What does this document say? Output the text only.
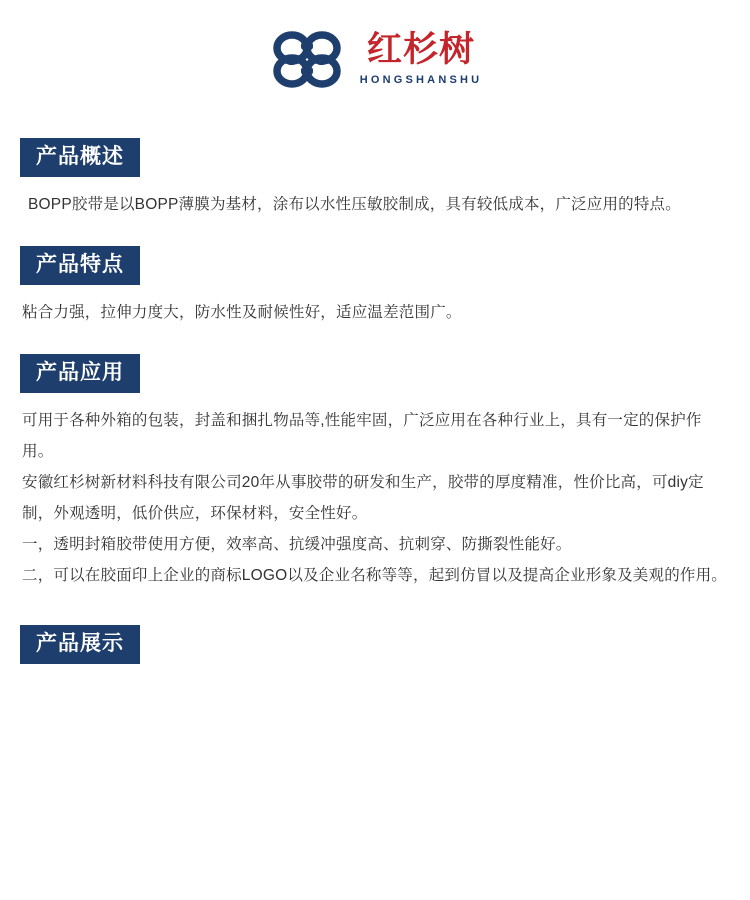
红杉树
HONGSHANSHU
产品概述

BOPP胶带是以BOPP薄膜为基材，涂布以水性压敏胶制成，具有较低成本，广泛应用的特点。

产品特点

粘合力强，拉伸力度大，防水性及耐候性好，适应温差范围广。

产品应用

可用于各种外箱的包装，封盖和捆扎物品等,性能牢固，广泛应用在各种行业上，具有一定的保护作用。

安徽红杉树新材料科技有限公司20年从事胶带的研发和生产，胶带的厚度精准，性价比高，可diy定制，外观透明，低价供应，环保材料，安全性好。

一，透明封箱胶带使用方便，效率高、抗缓冲强度高、抗刺穿、防撕裂性能好。

二，可以在胶面印上企业的商标LOGO以及企业名称等等，起到仿冒以及提高企业形象及美观的作用。

产品展示
